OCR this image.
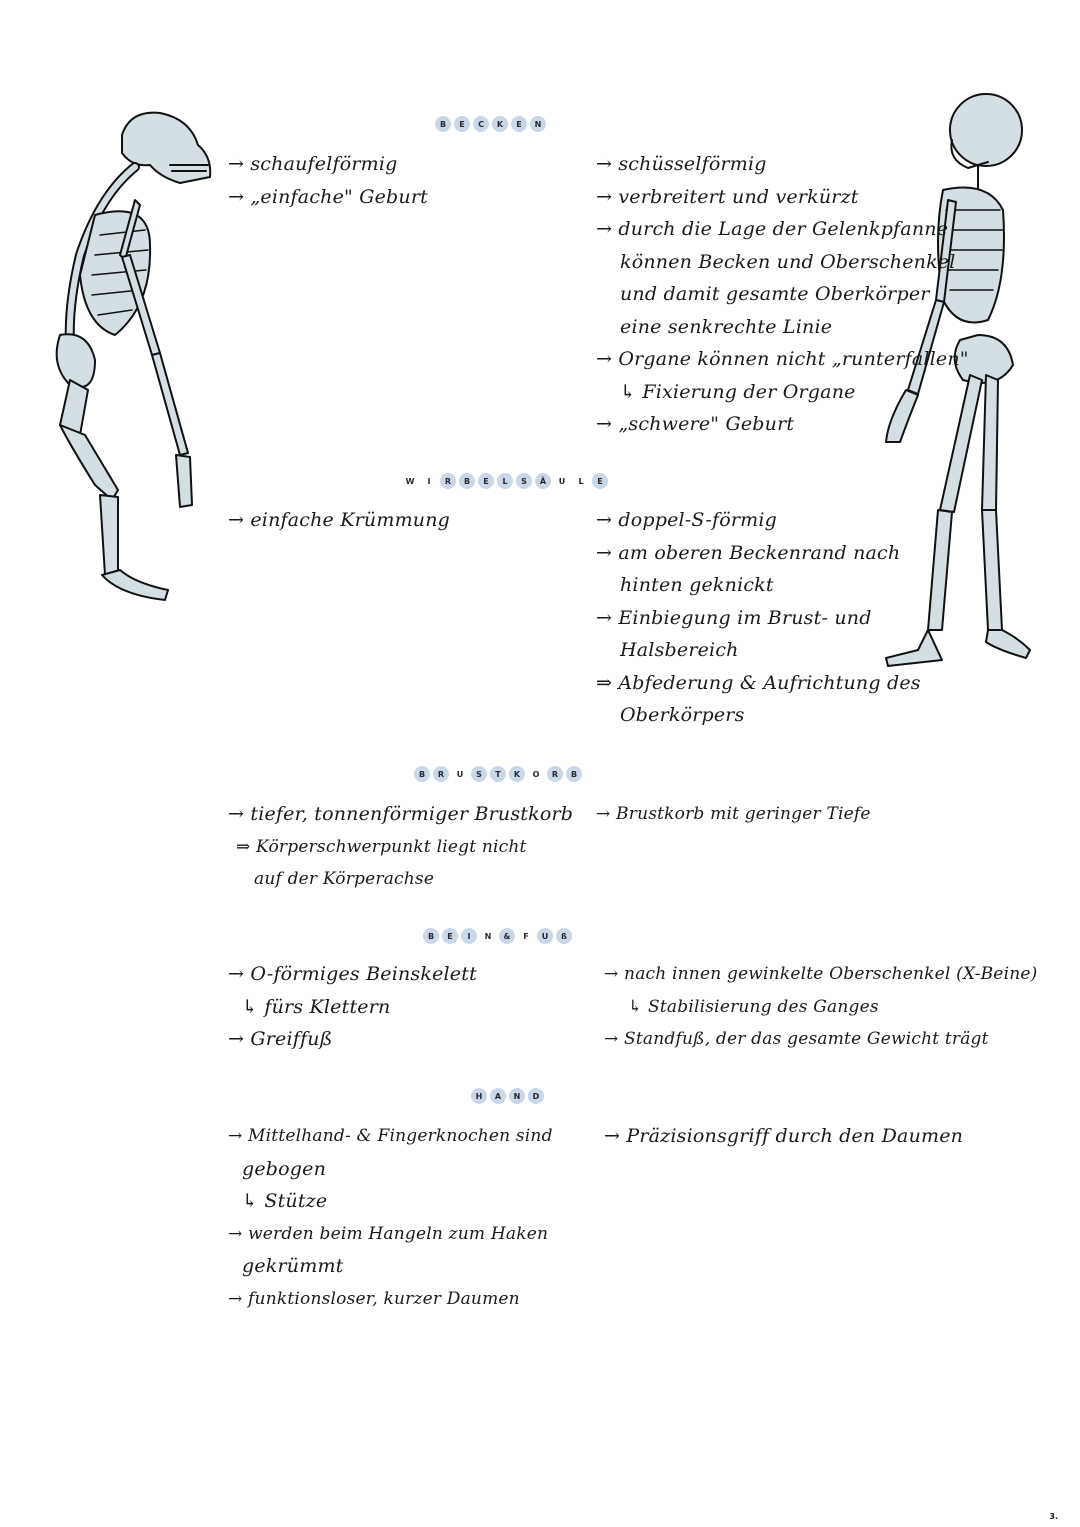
B	E	C	K	E	N
→ schaufelförmig
→ „einfache" Geburt
→ schüsselförmig
→ verbreitert und verkürzt
→ durch die Lage der Gelenkpfanne
können Becken und Oberschenkel
und damit gesamte Oberkörper
eine senkrechte Linie
→ Organe können nicht „runterfallen"
↳ Fixierung der Organe
→ „schwere" Geburt
W	I	R	B	E	L	S	Ä	U	L	E
→ einfache Krümmung	→ doppel-S-förmig
→ am oberen Beckenrand nach
hinten geknickt
→ Einbiegung im Brust- und
Halsbereich
⇒ Abfederung & Aufrichtung des
Oberkörpers
B	R	U	S	T	K	O	R	B
→ tiefer, tonnenförmiger Brustkorb
⇒ Körperschwerpunkt liegt nicht
auf der Körperachse
→ Brustkorb mit geringer Tiefe
B	E	I	N	&	F	U	ß
→ O-förmiges Beinskelett
↳ fürs Klettern
→ Greiffuß
→ nach innen gewinkelte Oberschenkel (X-Beine)
↳ Stabilisierung des Ganges
→ Standfuß, der das gesamte Gewicht trägt
H	A	N	D
→ Mittelhand- & Fingerknochen sind
gebogen
↳ Stütze
→ werden beim Hangeln zum Haken
gekrümmt
→ funktionsloser, kurzer Daumen
→ Präzisionsgriff durch den Daumen
3.
